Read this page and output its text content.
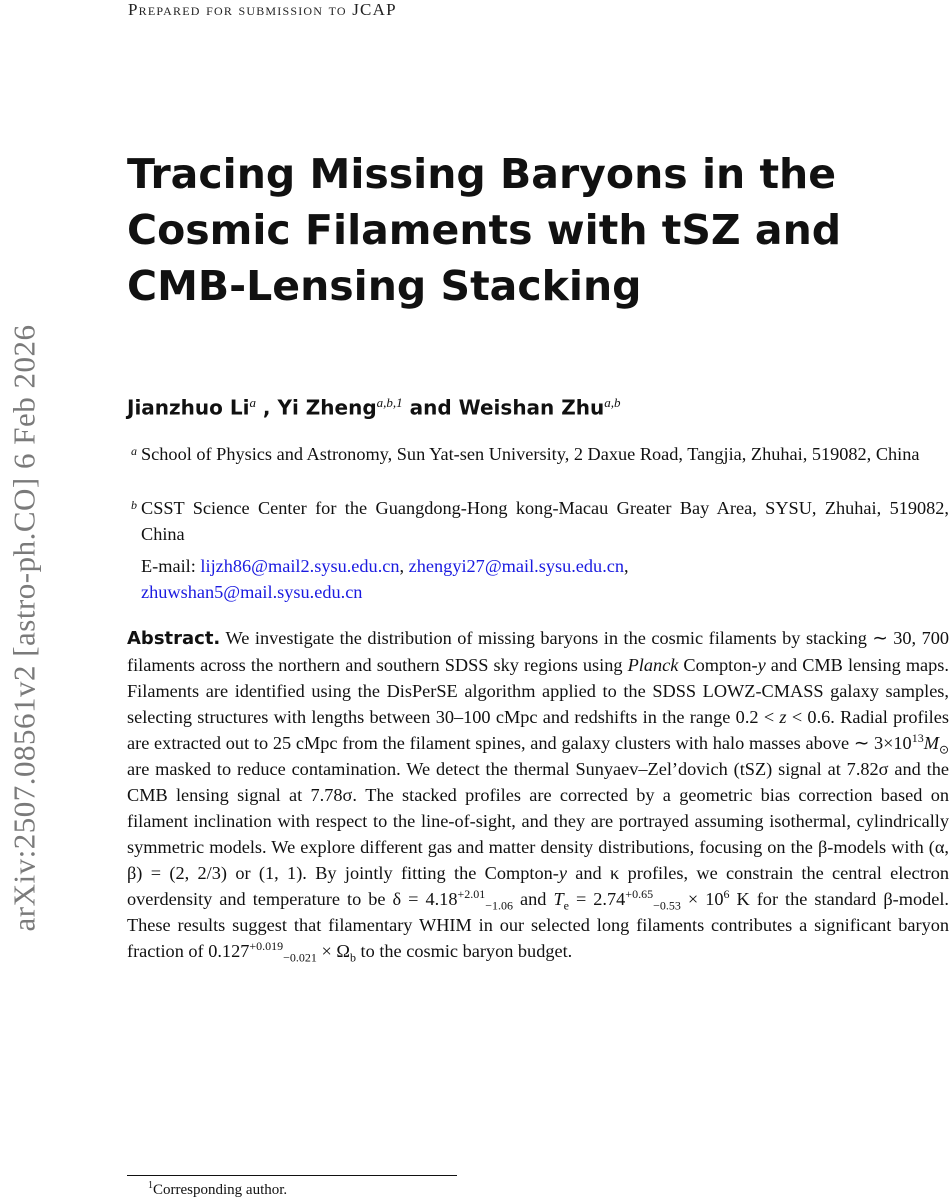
arXiv:2507.08561v2 [astro-ph.CO] 6 Feb 2026
Prepared for submission to JCAP
Tracing Missing Baryons in the Cosmic Filaments with tSZ and CMB-Lensing Stacking
Jianzhuo Li$^a$ , Yi Zheng$^{a,b,1}$ and Weishan Zhu$^{a,b}$
a School of Physics and Astronomy, Sun Yat-sen University, 2 Daxue Road, Tangjia, Zhuhai, 519082, China
b CSST Science Center for the Guangdong-Hong kong-Macau Greater Bay Area, SYSU, Zhuhai, 519082, China
E-mail: lijzh86@mail2.sysu.edu.cn, zhengyi27@mail.sysu.edu.cn,
zhuwshan5@mail.sysu.edu.cn

Abstract. We investigate the distribution of missing baryons in the cosmic filaments by stacking ∼ 30, 700 filaments across the northern and southern SDSS sky regions using Planck Compton-y and CMB lensing maps. Filaments are identified using the DisPerSE algorithm applied to the SDSS LOWZ-CMASS galaxy samples, selecting structures with lengths between 30–100 cMpc and redshifts in the range 0.2 < z < 0.6. Radial profiles are extracted out to 25 cMpc from the filament spines, and galaxy clusters with halo masses above ∼ $3\times 10^{13}M_⊙$ are masked to reduce contamination. We detect the thermal Sunyaev–Zel’dovich (tSZ) signal at 7.82σ and the CMB lensing signal at 7.78σ. The stacked profiles are corrected by a geometric bias correction based on filament inclination with respect to the line-of-sight, and they are portrayed assuming isothermal, cylindrically symmetric models. We explore different gas and matter density distributions, focusing on the β-models with (α, β) = (2, 2/3) or (1, 1). By jointly fitting the Compton-y and κ profiles, we constrain the central electron overdensity and temperature to be $\delta = 4.18^{+2.01}_{-1.06}$ and $T_e = 2.74^{+0.65}_{-0.53} \times 10^6$ K for the standard β-model. These results suggest that filamentary WHIM in our selected long filaments contributes a significant baryon fraction of $0.127^{+0.019}_{-0.021} \times \Omega_b$ to the cosmic baryon budget.

$^1$Corresponding author.
